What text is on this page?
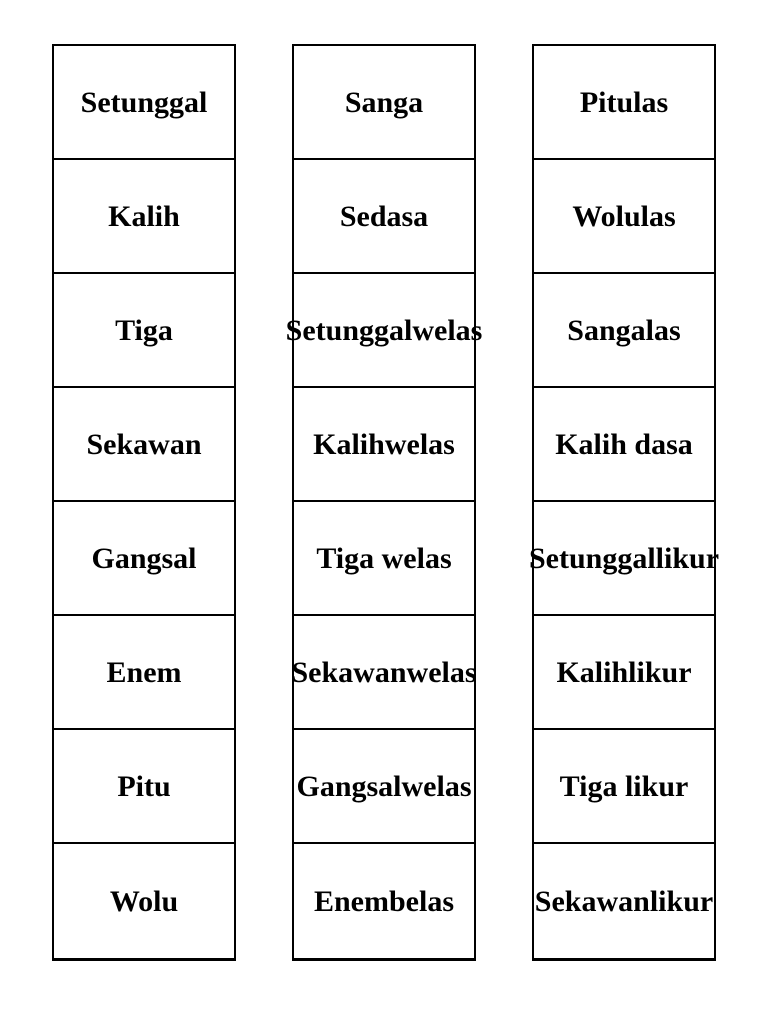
Setunggal
Kalih
Tiga
Sekawan
Gangsal
Enem
Pitu
Wolu
Sanga
Sedasa
Setunggal welas
Kalih welas
Tiga welas
Sekawan welas
Gangsal welas
Enem belas
Pitulas
Wolulas
Sangalas
Kalih dasa
Setunggal likur
Kalih likur
Tiga likur
Sekawan likur
